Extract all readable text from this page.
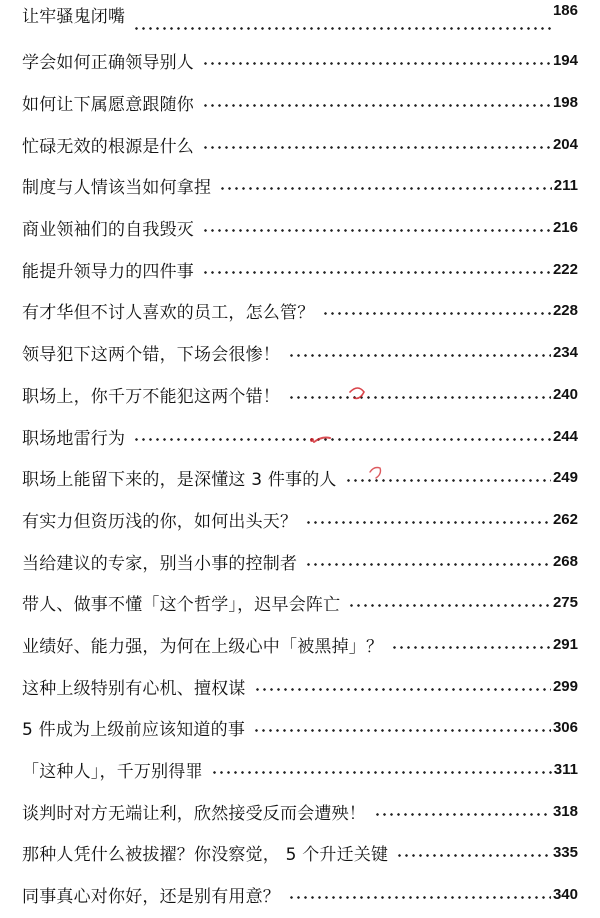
让牢骚鬼闭嘴	186
学会如何正确领导别人	194
如何让下属愿意跟随你	198
忙碌无效的根源是什么	204
制度与人情该当如何拿捏	211
商业领袖们的自我毁灭	216
能提升领导力的四件事	222
有才华但不讨人喜欢的员工，怎么管？	228
领导犯下这两个错，下场会很惨！	234
职场上，你千万不能犯这两个错！	240
职场地雷行为	244
职场上能留下来的，是深懂这 3 件事的人	249
有实力但资历浅的你，如何出头天？	262
当给建议的专家，别当小事的控制者	268
带人、做事不懂「这个哲学」，迟早会阵亡	275
业绩好、能力强，为何在上级心中「被黑掉」？	291
这种上级特别有心机、擅权谋	299
5 件成为上级前应该知道的事	306
「这种人」，千万别得罪	311
谈判时对方无端让利，欣然接受反而会遭殃！	318
那种人凭什么被拔擢？你没察觉， 5 个升迁关键	335
同事真心对你好，还是别有用意？	340
